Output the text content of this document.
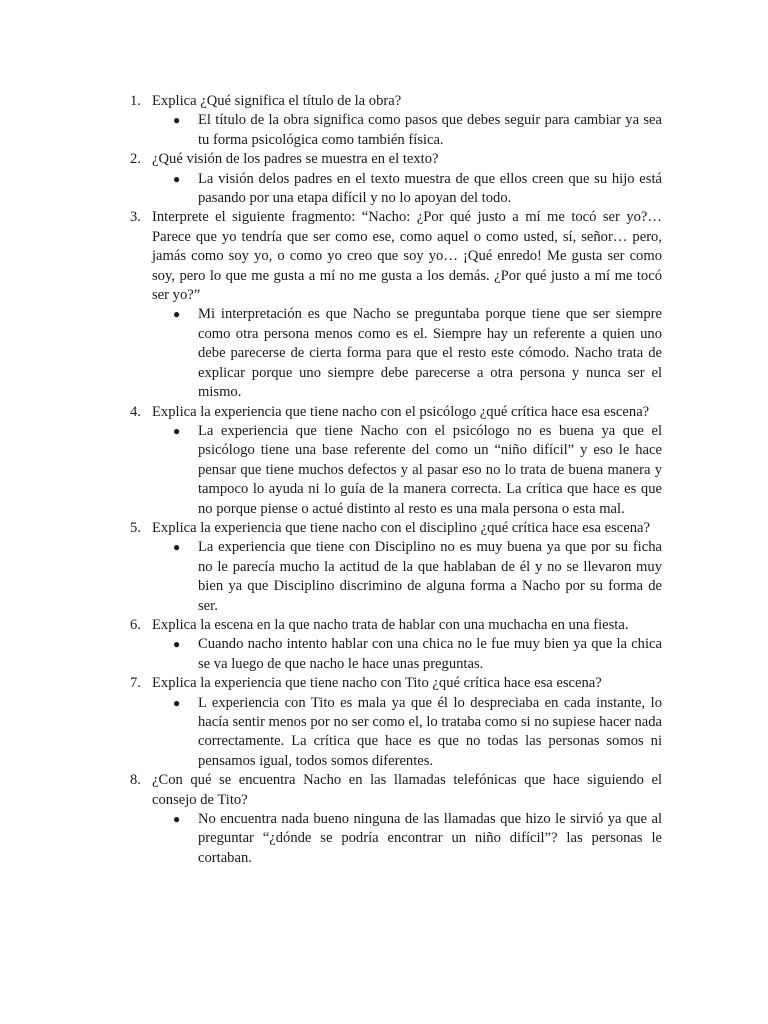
1. Explica ¿Qué significa el título de la obra?
● El título de la obra significa como pasos que debes seguir para cambiar ya sea tu forma psicológica como también física.
2. ¿Qué visión de los padres se muestra en el texto?
● La visión delos padres en el texto muestra de que ellos creen que su hijo está pasando por una etapa difícil y no lo apoyan del todo.
3. Interprete el siguiente fragmento: “Nacho: ¿Por qué justo a mí me tocó ser yo?… Parece que yo tendría que ser como ese, como aquel o como usted, sí, señor… pero, jamás como soy yo, o como yo creo que soy yo… ¡Qué enredo! Me gusta ser como soy, pero lo que me gusta a mí no me gusta a los demás. ¿Por qué justo a mí me tocó ser yo?”
● Mi interpretación es que Nacho se preguntaba porque tiene que ser siempre como otra persona menos como es el. Siempre hay un referente a quien uno debe parecerse de cierta forma para que el resto este cómodo. Nacho trata de explicar porque uno siempre debe parecerse a otra persona y nunca ser el mismo.
4. Explica la experiencia que tiene nacho con el psicólogo ¿qué crítica hace esa escena?
● La experiencia que tiene Nacho con el psicólogo no es buena ya que el psicólogo tiene una base referente del como un “niño difícil” y eso le hace pensar que tiene muchos defectos y al pasar eso no lo trata de buena manera y tampoco lo ayuda ni lo guía de la manera correcta. La crítica que hace es que no porque piense o actué distinto al resto es una mala persona o esta mal.
5. Explica la experiencia que tiene nacho con el disciplino ¿qué crítica hace esa escena?
● La experiencia que tiene con Disciplino no es muy buena ya que por su ficha no le parecía mucho la actitud de la que hablaban de él y no se llevaron muy bien ya que Disciplino discrimino de alguna forma a Nacho por su forma de ser.
6. Explica la escena en la que nacho trata de hablar con una muchacha en una fiesta.
● Cuando nacho intento hablar con una chica no le fue muy bien ya que la chica se va luego de que nacho le hace unas preguntas.
7. Explica la experiencia que tiene nacho con Tito ¿qué crítica hace esa escena?
● L experiencia con Tito es mala ya que él lo despreciaba en cada instante, lo hacía sentir menos por no ser como el, lo trataba como si no supiese hacer nada correctamente. La crítica que hace es que no todas las personas somos ni pensamos igual, todos somos diferentes.
8. ¿Con qué se encuentra Nacho en las llamadas telefónicas que hace siguiendo el consejo de Tito?
● No encuentra nada bueno ninguna de las llamadas que hizo le sirvió ya que al preguntar “¿dónde se podría encontrar un niño difícil”? las personas le cortaban.
